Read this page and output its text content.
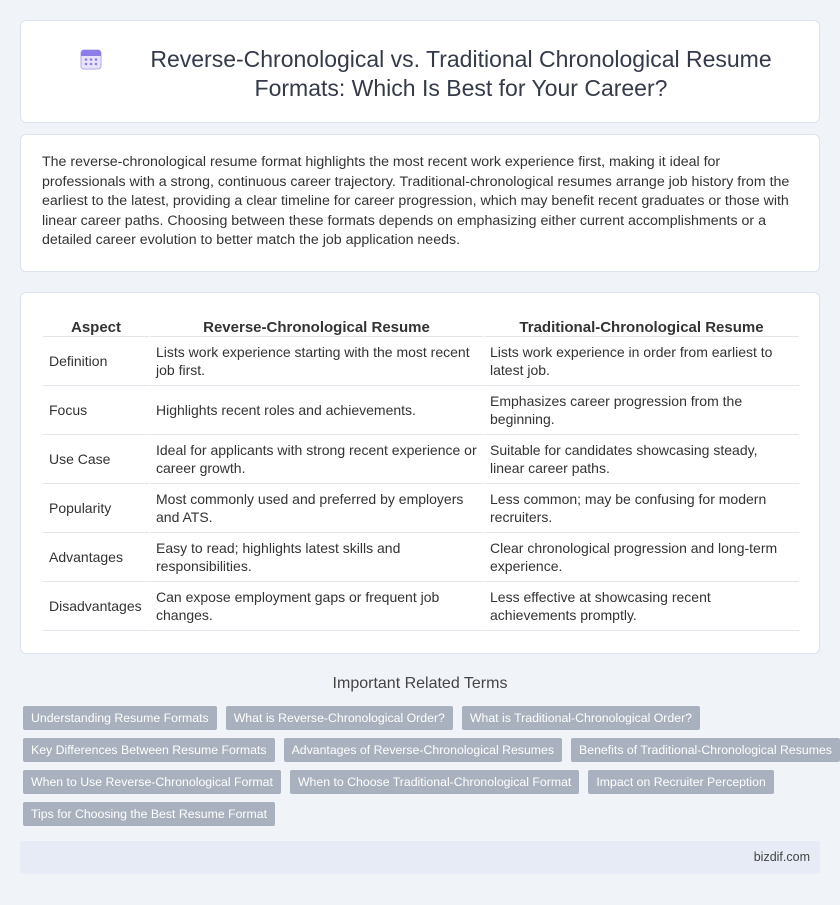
Reverse-Chronological vs. Traditional Chronological Resume
Formats: Which Is Best for Your Career?

The reverse-chronological resume format highlights the most recent work experience first, making it ideal for professionals with a strong, continuous career trajectory. Traditional-chronological resumes arrange job history from the earliest to the latest, providing a clear timeline for career progression, which may benefit recent graduates or those with linear career paths. Choosing between these formats depends on emphasizing either current accomplishments or a detailed career evolution to better match the job application needs.

Aspect	Reverse-Chronological Resume	Traditional-Chronological Resume
Definition	Lists work experience starting with the most recent job first.	Lists work experience in order from earliest to latest job.
Focus	Highlights recent roles and achievements.	Emphasizes career progression from the beginning.
Use Case	Ideal for applicants with strong recent experience or career growth.	Suitable for candidates showcasing steady, linear career paths.
Popularity	Most commonly used and preferred by employers and ATS.	Less common; may be confusing for modern recruiters.
Advantages	Easy to read; highlights latest skills and responsibilities.	Clear chronological progression and long-term experience.
Disadvantages	Can expose employment gaps or frequent job changes.	Less effective at showcasing recent achievements promptly.
Important Related Terms
Understanding Resume Formats	What is Reverse-Chronological Order?	What is Traditional-Chronological Order?
Key Differences Between Resume Formats	Advantages of Reverse-Chronological Resumes	Benefits of Traditional-Chronological Resumes
When to Use Reverse-Chronological Format	When to Choose Traditional-Chronological Format	Impact on Recruiter Perception
Tips for Choosing the Best Resume Format
bizdif.com
